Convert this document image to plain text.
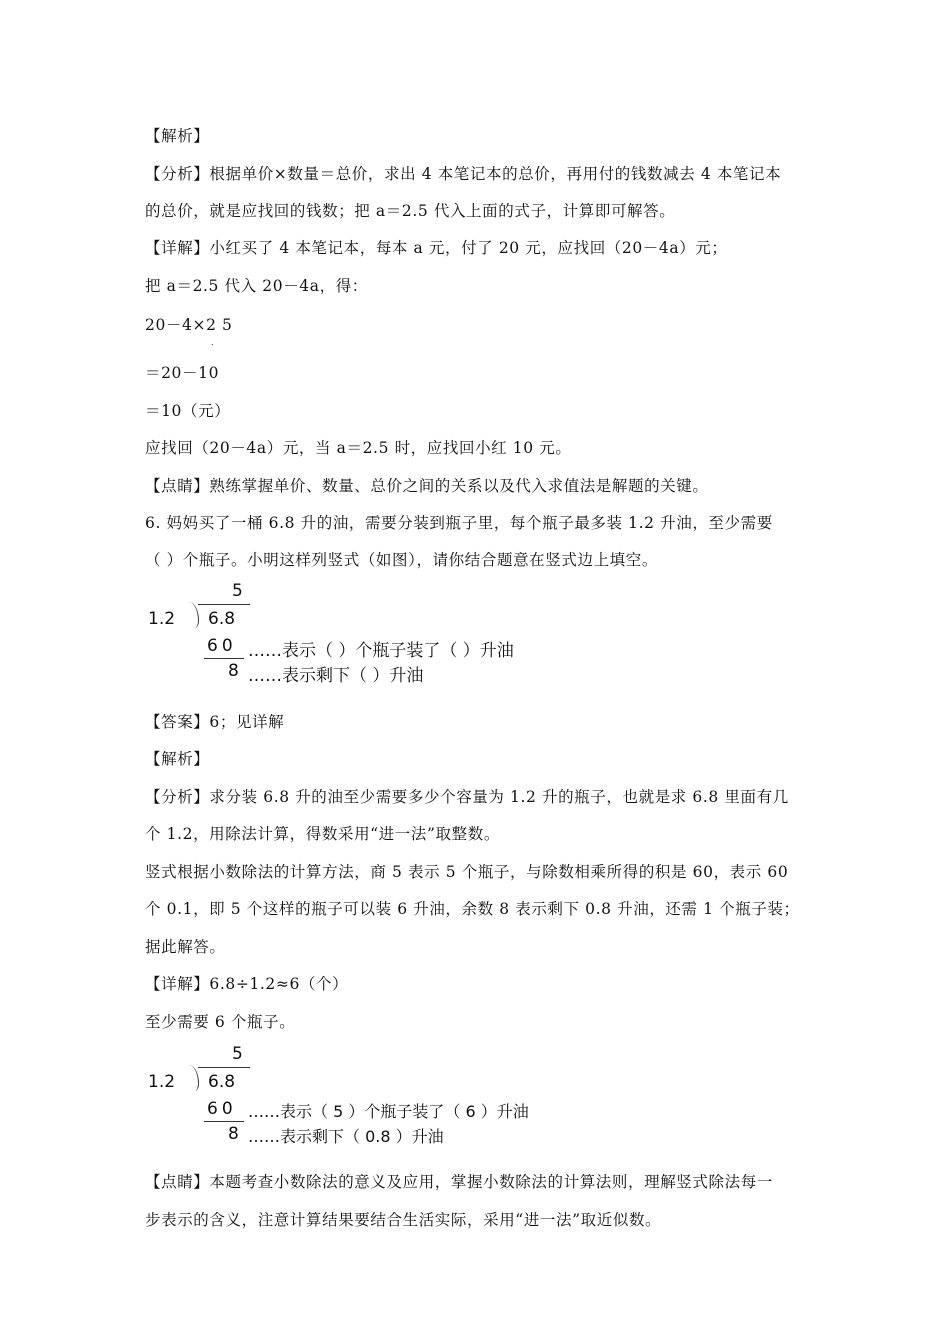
【解析】
【分析】根据单价×数量＝总价，求出 4 本笔记本的总价，再用付的钱数减去 4 本笔记本
的总价，就是应找回的钱数；把 a＝2.5 代入上面的式子，计算即可解答。
【详解】小红买了 4 本笔记本，每本 a 元，付了 20 元，应找回（20－4a）元；
把 a＝2.5 代入 20－4a，得：
20－4×2 5
.
＝20－10
＝10（元）
应找回（20－4a）元，当 a＝2.5 时，应找回小红 10 元。
【点睛】熟练掌握单价、数量、总价之间的关系以及代入求值法是解题的关键。
6. 妈妈买了一桶 6.8 升的油，需要分装到瓶子里，每个瓶子最多装 1.2 升油，至少需要
（ ）个瓶子。小明这样列竖式（如图），请你结合题意在竖式边上填空。
5
1.2 6.8
60
8
……表示（ ）个瓶子装了（ ）升油
……表示剩下（ ）升油
【答案】6；见详解
【解析】
【分析】求分装 6.8 升的油至少需要多少个容量为 1.2 升的瓶子，也就是求 6.8 里面有几
个 1.2，用除法计算，得数采用“进一法”取整数。
竖式根据小数除法的计算方法，商 5 表示 5 个瓶子，与除数相乘所得的积是 60，表示 60
个 0.1，即 5 个这样的瓶子可以装 6 升油，余数 8 表示剩下 0.8 升油，还需 1 个瓶子装；
据此解答。
【详解】6.8÷1.2≈6（个）
至少需要 6 个瓶子。
5
1.2 6.8
60
8
……表示（ 5 ）个瓶子装了（ 6 ）升油
……表示剩下（ 0.8 ）升油
【点睛】本题考查小数除法的意义及应用，掌握小数除法的计算法则，理解竖式除法每一
步表示的含义，注意计算结果要结合生活实际，采用“进一法”取近似数。
